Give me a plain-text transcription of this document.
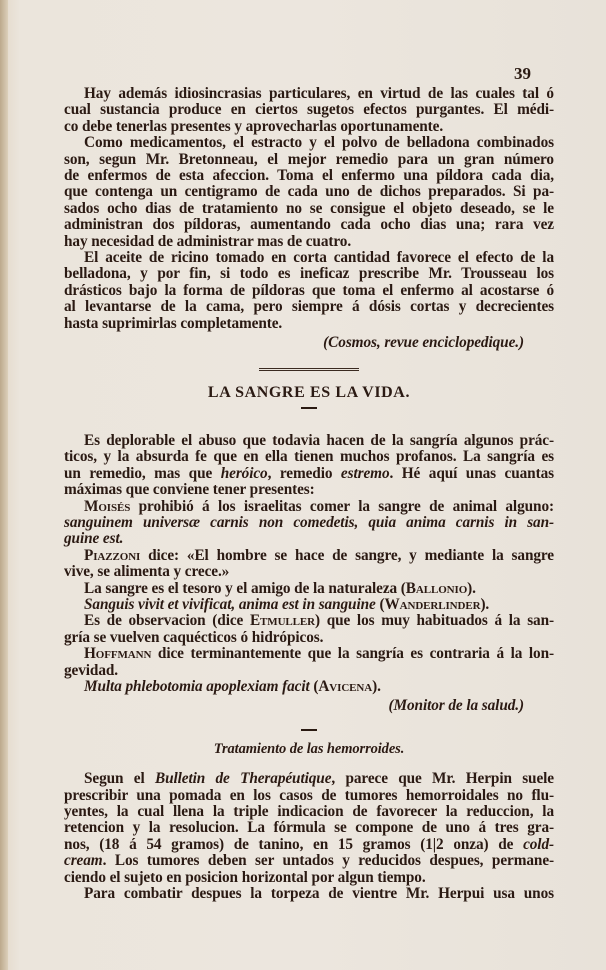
39
Hay además idiosincrasias particulares, en virtud de las cuales tal ó
cual sustancia produce en ciertos sugetos efectos purgantes. El médi-
co debe tenerlas presentes y aprovecharlas oportunamente.
Como medicamentos, el estracto y el polvo de belladona combinados
son, segun Mr. Bretonneau, el mejor remedio para un gran número
de enfermos de esta afeccion. Toma el enfermo una píldora cada dia,
que contenga un centigramo de cada uno de dichos preparados. Si pa-
sados ocho dias de tratamiento no se consigue el objeto deseado, se le
administran dos píldoras, aumentando cada ocho dias una; rara vez
hay necesidad de administrar mas de cuatro.
El aceite de ricino tomado en corta cantidad favorece el efecto de la
belladona, y por fin, si todo es ineficaz prescribe Mr. Trousseau los
drásticos bajo la forma de píldoras que toma el enfermo al acostarse ó
al levantarse de la cama, pero siempre á dósis cortas y decrecientes
hasta suprimirlas completamente.
(Cosmos, revue enciclopedique.)
LA SANGRE ES LA VIDA.
Es deplorable el abuso que todavia hacen de la sangría algunos prác-
ticos, y la absurda fe que en ella tienen muchos profanos. La sangría es
un remedio, mas que heróico, remedio estremo. Hé aquí unas cuantas
máximas que conviene tener presentes:
Moisés prohibió á los israelitas comer la sangre de animal alguno:
sanguinem universæ carnis non comedetis, quia anima carnis in san-
guine est.
Piazzoni dice: «El hombre se hace de sangre, y mediante la sangre
vive, se alimenta y crece.»
La sangre es el tesoro y el amigo de la naturaleza (Ballonio).
Sanguis vivit et vivificat, anima est in sanguine (Wanderlinder).
Es de observacion (dice Etmuller) que los muy habituados á la san-
gría se vuelven caquécticos ó hidrópicos.
Hoffmann dice terminantemente que la sangría es contraria á la lon-
gevidad.
Multa phlebotomia apoplexiam facit (Avicena).
(Monitor de la salud.)
Tratamiento de las hemorroides.
Segun el Bulletin de Therapéutique, parece que Mr. Herpin suele
prescribir una pomada en los casos de tumores hemorroidales no flu-
yentes, la cual llena la triple indicacion de favorecer la reduccion, la
retencion y la resolucion. La fórmula se compone de uno á tres gra-
nos, (18 á 54 gramos) de tanino, en 15 gramos (1|2 onza) de cold-
cream. Los tumores deben ser untados y reducidos despues, permane-
ciendo el sujeto en posicion horizontal por algun tiempo.
Para combatir despues la torpeza de vientre Mr. Herpui usa unos
